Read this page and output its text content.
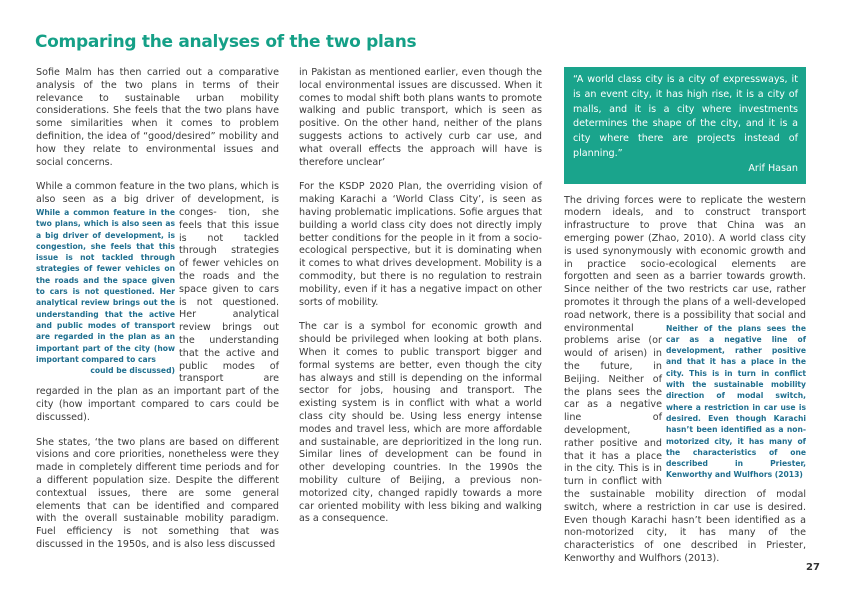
Comparing the analyses of the two plans

Sofie Malm has then carried out a comparative analysis of the two plans in terms of their relevance to sustainable urban mobility considerations. She feels that the two plans have some similarities when it comes to problem definition, the idea of “good/desired” mobility and how they relate to environmental issues and social concerns.

While a common feature in the two plans, which is also seen as a big driver of development, is conges-
While a common feature in the two plans, which is also seen as a big driver of development, is congestion, she feels that this issue is not tackled through strategies of fewer vehicles on the roads and the space given to cars is not questioned. Her analytical review brings out the understanding that the active and public modes of transport are regarded in the plan as an important part of the city (how important compared to cars
could be discussed)
tion, she feels that this issue is not tackled through strategies of fewer vehicles on the roads and the space given to cars is not questioned. Her analytical review brings out the understanding that the active and public modes of transport are regarded in the plan as an important part of the city (how important compared to cars could be discussed).

She states, ‘the two plans are based on different visions and core priorities, nonetheless were they made in completely different time periods and for a different population size. Despite the different contextual issues, there are some general elements that can be identified and compared with the overall sustainable mobility paradigm. Fuel efficiency is not something that was discussed in the 1950s, and is also less discussed

in Pakistan as mentioned earlier, even though the local environmental issues are discussed. When it comes to modal shift both plans wants to promote walking and public transport, which is seen as positive. On the other hand, neither of the plans suggests actions to actively curb car use, and what overall effects the approach will have is therefore unclear’

For the KSDP 2020 Plan, the overriding vision of making Karachi a ‘World Class City’, is seen as having problematic implications. Sofie argues that building a world class city does not directly imply better conditions for the people in it from a socio-ecological perspective, but it is dominating when it comes to what drives development. Mobility is a commodity, but there is no regulation to restrain mobility, even if it has a negative impact on other sorts of mobility.

The car is a symbol for economic growth and should be privileged when looking at both plans. When it comes to public transport bigger and formal systems are better, even though the city has always and still is depending on the informal sector for jobs, housing and transport. The existing system is in conflict with what a world class city should be. Using less energy intense modes and travel less, which are more affordable and sustainable, are deprioritized in the long run. Similar lines of development can be found in other developing countries. In the 1990s the mobility culture of Beijing, a previous non-motorized city, changed rapidly towards a more car oriented mobility with less biking and walking as a consequence.

“A world class city is a city of expressways, it is an event city, it has high rise, it is a city of malls, and it is a city where investments determines the shape of the city, and it is a city where there are projects instead of planning.”
Arif Hasan

The driving forces were to replicate the western modern ideals, and to construct transport infrastructure to prove that China was an emerging power (Zhao, 2010). A world class city is used synonymously with economic growth and in practice socio-ecological elements are forgotten and seen as a barrier towards growth. Since neither of the two restricts car use, rather promotes it through the plans of a well-developed road network, there is a possibility that
Neither of the plans sees the car as a negative line of development, rather positive and that it has a place in the city. This is in turn in conflict with the sustainable mobility direction of modal switch, where a restriction in car use is desired. Even though Karachi hasn’t been identified as a non-motorized city, it has many of the characteristics of one described in Priester, Kenworthy and Wulfhors (2013)
social and environmental problems arise (or would of arisen) in the future, in Beijing. Neither of the plans sees the car as a negative line of development, rather positive and that it has a place in the city. This is in turn in conflict with the sustainable mobility direction of modal switch, where a restriction in car use is desired. Even though Karachi hasn’t been identified as a non-motorized city, it has many of the characteristics of one described in Priester, Kenworthy and Wulfhors (2013).

27
